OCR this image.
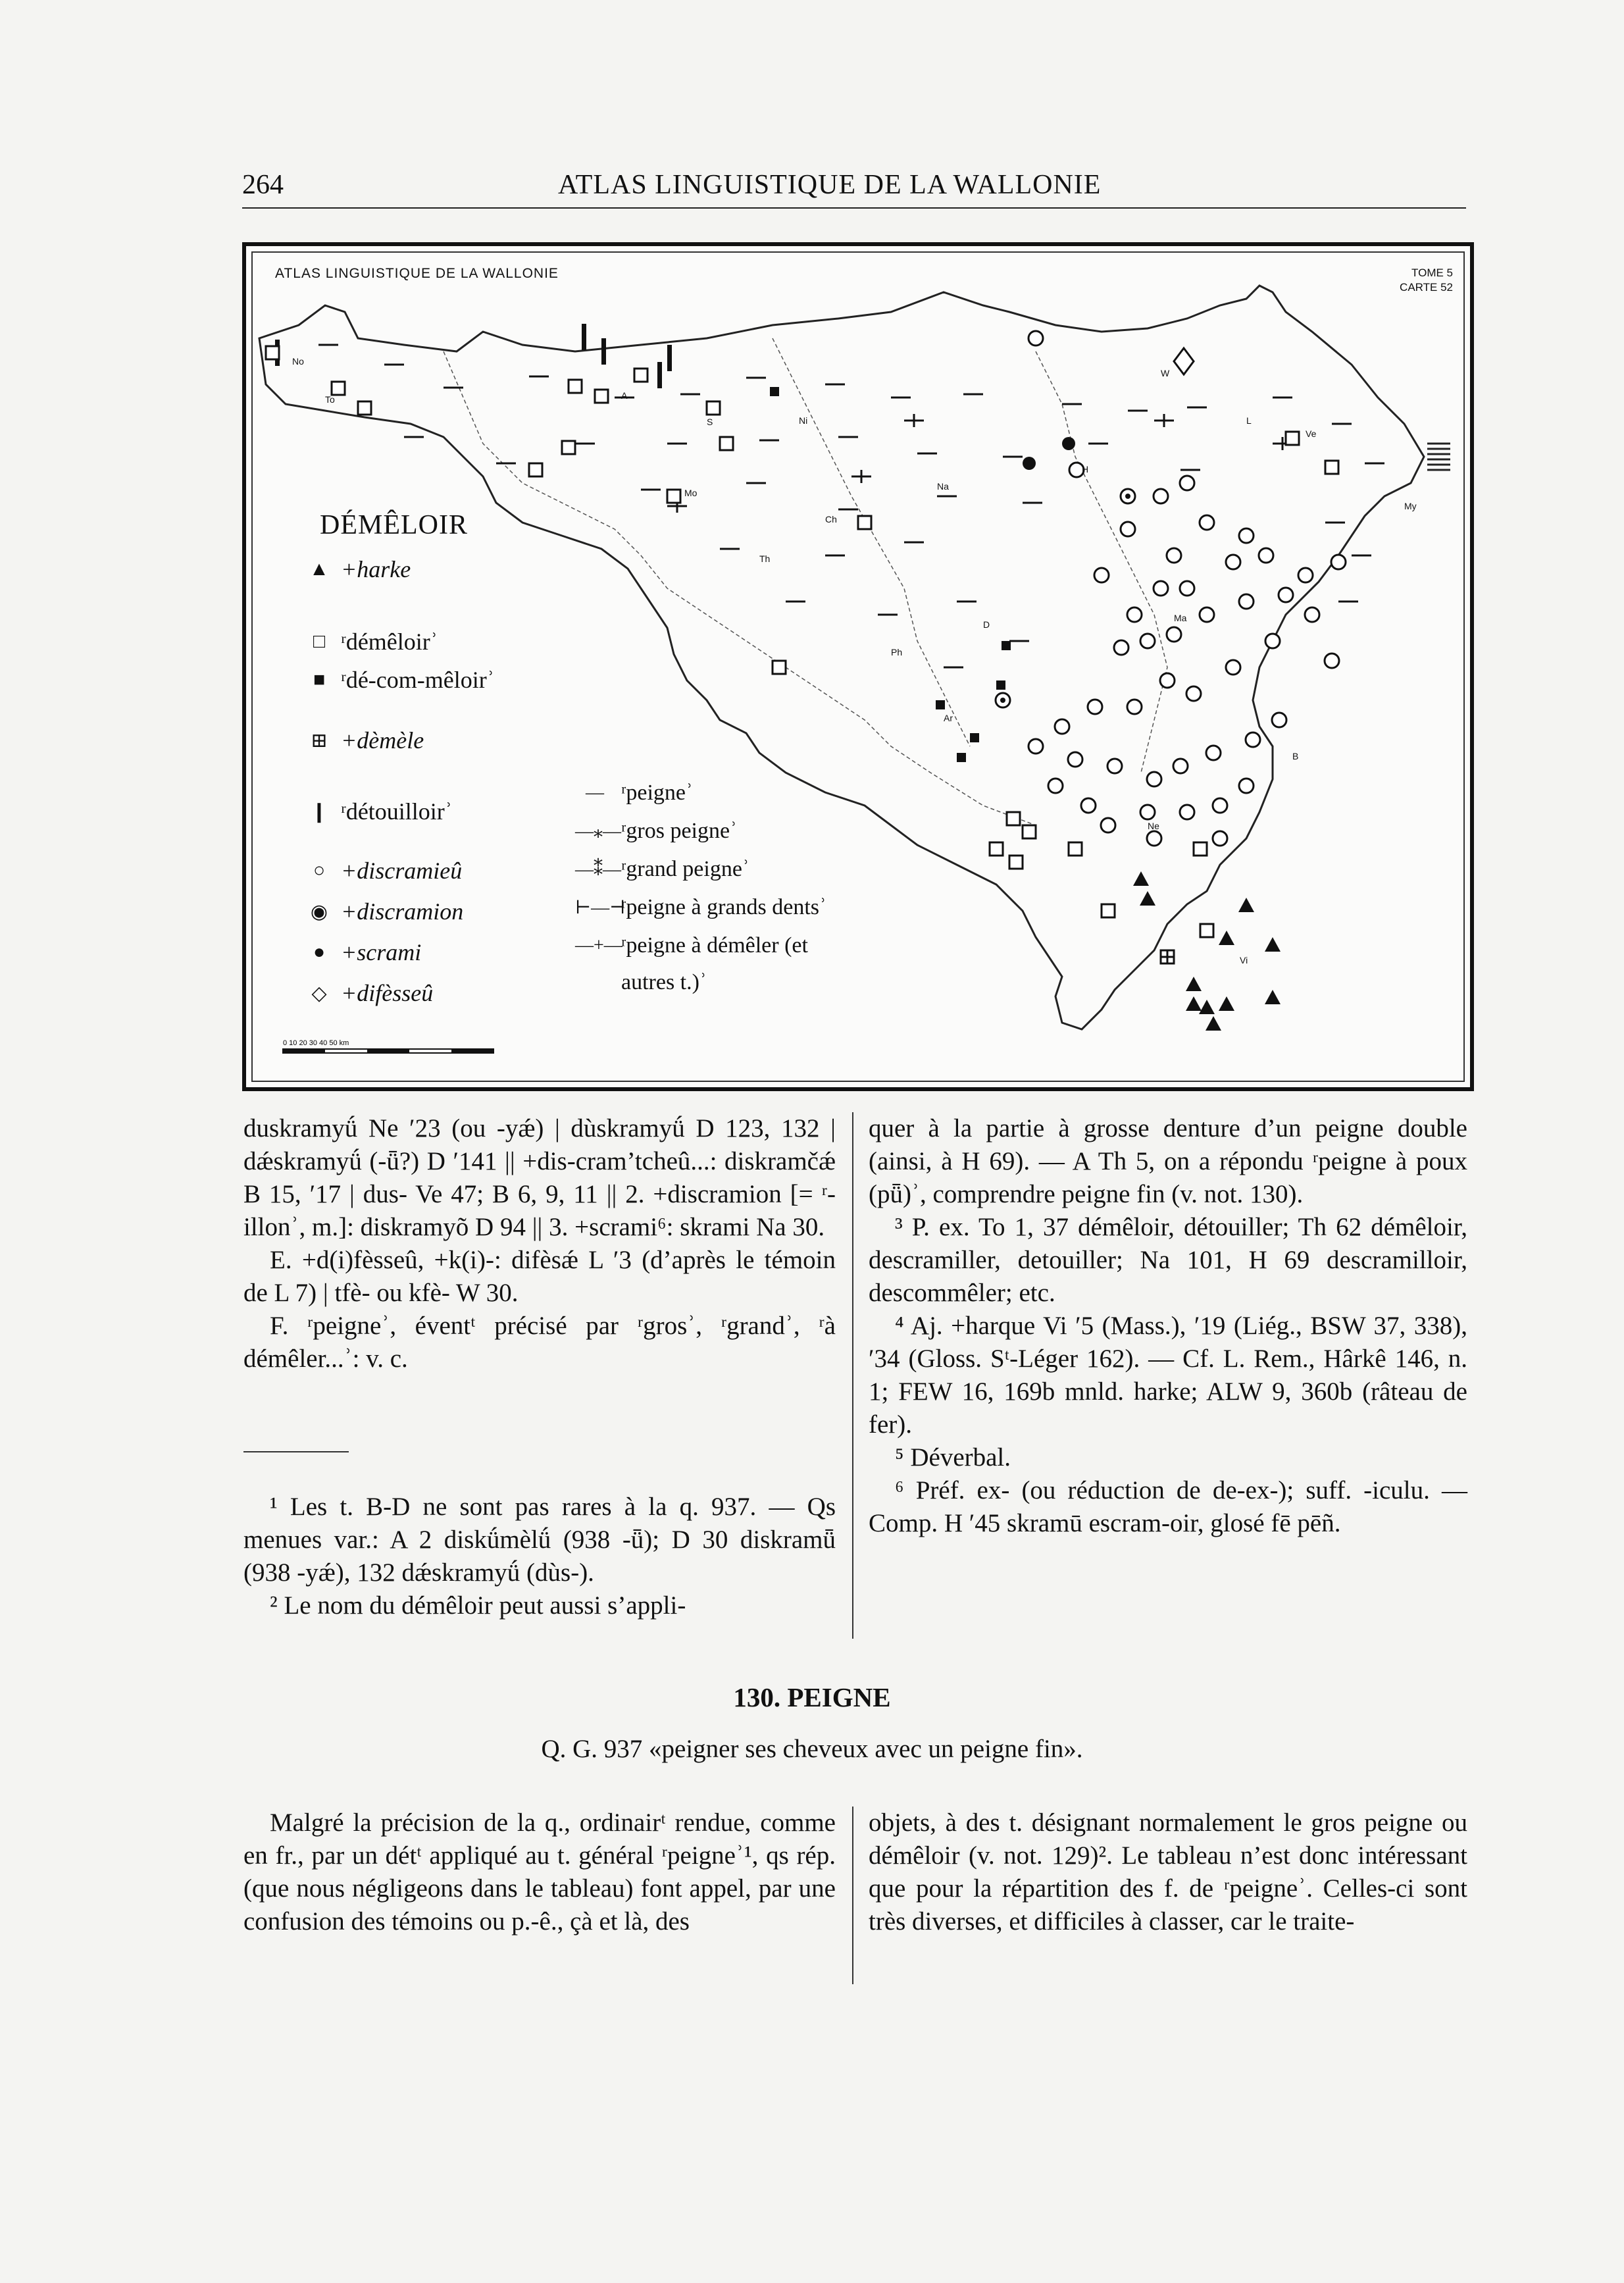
264	ATLAS LINGUISTIQUE DE LA WALLONIE
ATLAS LINGUISTIQUE DE LA WALLONIE	TOME 5
CARTE 52
No
To	A
Ni
S
Mo
Ch
Th
Na
L
Ve
My
H
W
D
Ph
Ar
Ma
B
Ne
Vi
0 10 20 30 40 50 km
DÉMÊLOIR
▲ +harke
□ ʳdémêloirʾ
■ ʳdé-com-mêloirʾ
⊞ +dèmèle
❙ ʳdétouilloirʾ
○ +discramieû
◉ +discramion
● +scrami
◇ +difèsseû
— ʳpeigneʾ
—⁎— ʳgros peigneʾ
—⁑— ʳgrand peigneʾ
⊢—⊣
ʳpeigne à grands dentsʾ
—+—
ʳpeigne à démêler (et
autres t.)ʾ

duskramyǘ Ne ′23 (ou -yǽ) | dùskramyǘ D 123, 132 | dǽskramyǘ (-ǖ?) D ′141 || +dis-cram’tcheû...: diskramčǽ B 15, ′17 | dus- Ve 47; B 6, 9, 11 || 2. +discramion [= ʳ-illonʾ, m.]: diskramyõ D 94 || 3. +scrami⁶: skrami Na 30.

E. +d(i)fèsseû, +k(i)-: difèsǽ L ′3 (d’après le témoin de L 7) | tfè- ou kfè- W 30.

F. ʳpeigneʾ, éventᵗ précisé par ʳgrosʾ, ʳgrandʾ, ʳà démêler...ʾ: v. c.

¹ Les t. B-D ne sont pas rares à la q. 937. — Qs menues var.: A 2 diskǘmèlǘ (938 -ǖ); D 30 diskramǖ (938 -yǽ), 132 dǽskramyǘ (dùs-).

² Le nom du démêloir peut aussi s’appli-

quer à la partie à grosse denture d’un peigne double (ainsi, à H 69). — A Th 5, on a répondu ʳpeigne à poux (pǖ)ʾ, comprendre peigne fin (v. not. 130).

³ P. ex. To 1, 37 démêloir, détouiller; Th 62 démêloir, descramiller, detouiller; Na 101, H 69 descramilloir, descommêler; etc.

⁴ Aj. +harque Vi ′5 (Mass.), ′19 (Liég., BSW 37, 338), ′34 (Gloss. Sᵗ-Léger 162). — Cf. L. Rem., Hârkê 146, n. 1; FEW 16, 169b mnld. harke; ALW 9, 360b (râteau de fer).

⁵ Déverbal.

⁶ Préf. ex- (ou réduction de de-ex-); suff. -iculu. — Comp. H ′45 skramū escram-oir, glosé fē pēñ.

130. PEIGNE
Q. G. 937 «peigner ses cheveux avec un peigne fin».

Malgré la précision de la q., ordinairᵗ rendue, comme en fr., par un détᵗ appliqué au t. général ʳpeigneʾ¹, qs rép. (que nous négligeons dans le tableau) font appel, par une confusion des témoins ou p.-ê., çà et là, des

objets, à des t. désignant normalement le gros peigne ou démêloir (v. not. 129)². Le tableau n’est donc intéressant que pour la répartition des f. de ʳpeigneʾ. Celles-ci sont très diverses, et difficiles à classer, car le traite-
